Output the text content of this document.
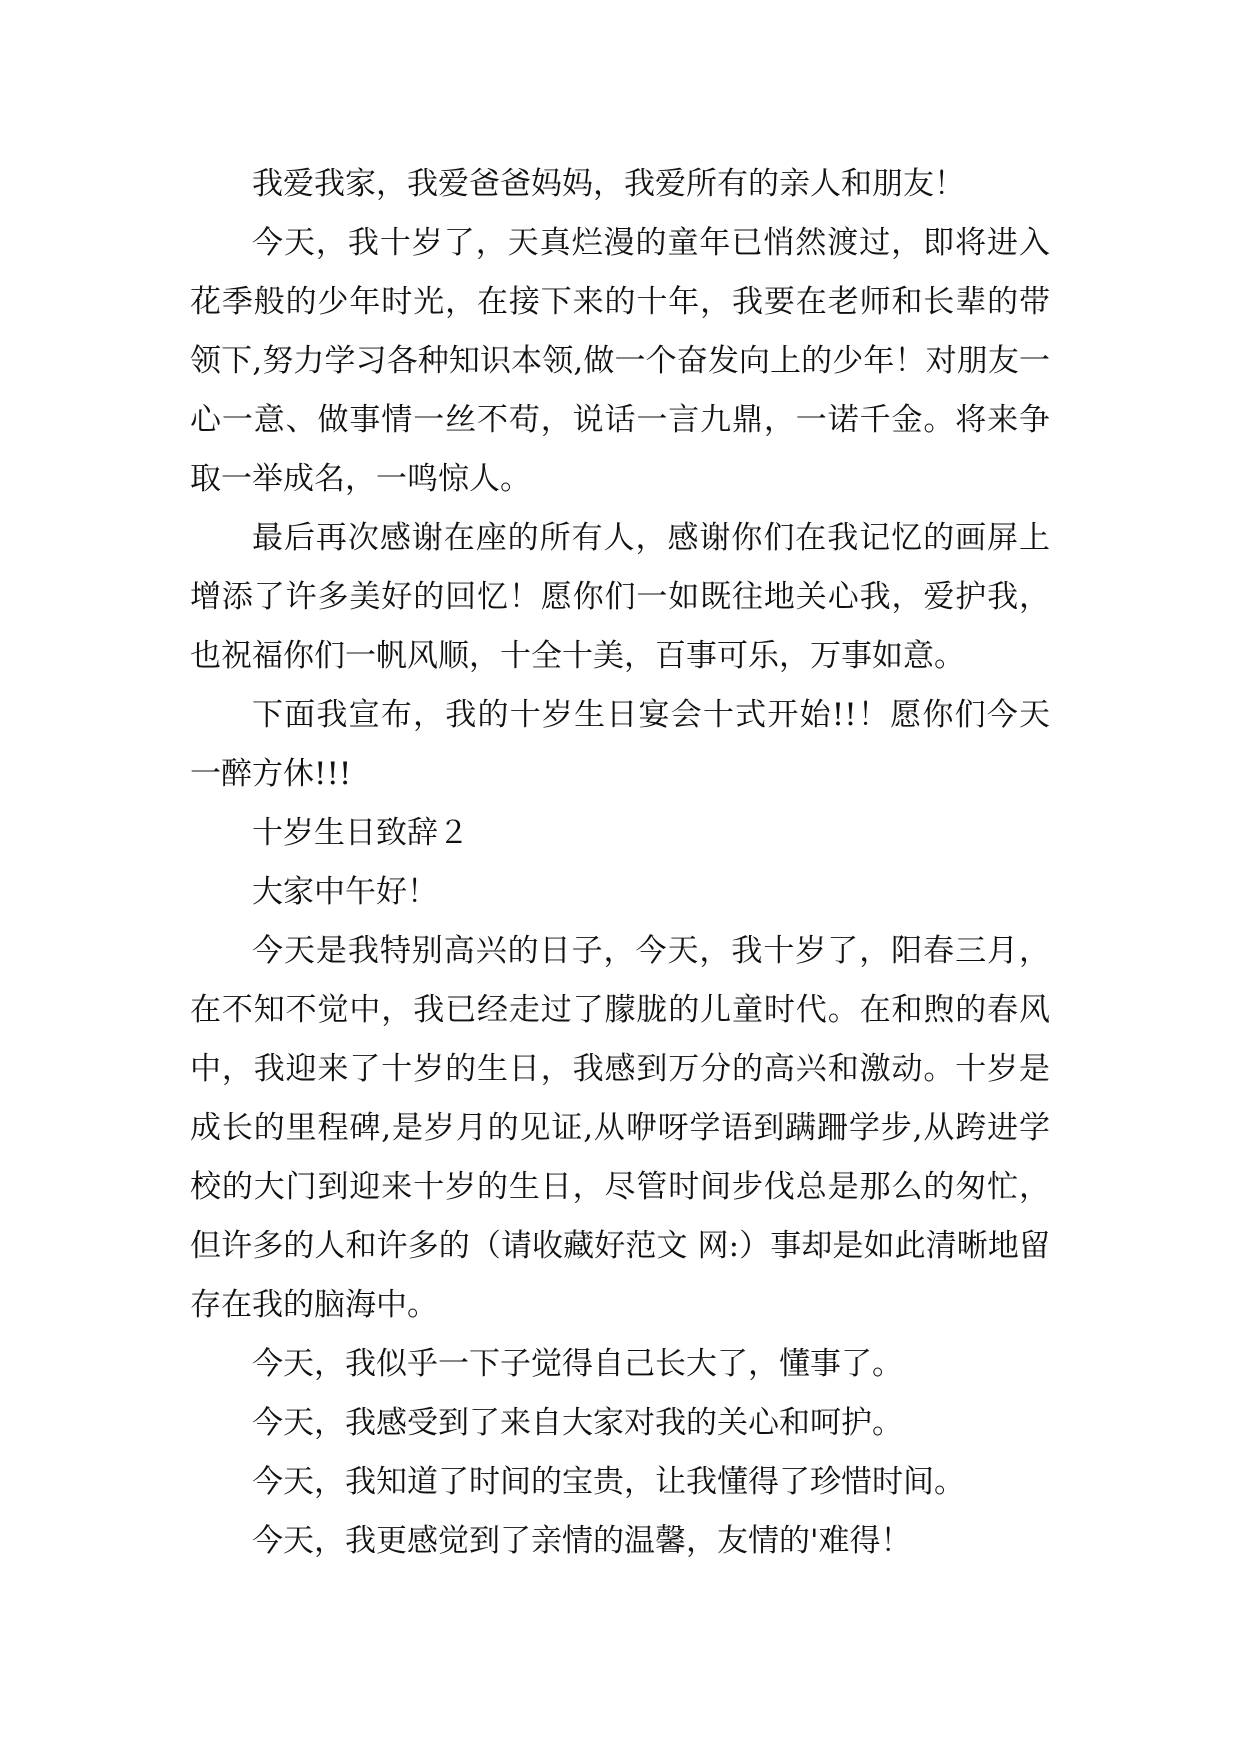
我爱我家，我爱爸爸妈妈，我爱所有的亲人和朋友！

今天，我十岁了，天真烂漫的童年已悄然渡过，即将进入花季般的少年时光，在接下来的十年，我要在老师和长辈的带领下,努力学习各种知识本领,做一个奋发向上的少年！对朋友一心一意、做事情一丝不苟，说话一言九鼎，一诺千金。将来争取一举成名，一鸣惊人。

最后再次感谢在座的所有人，感谢你们在我记忆的画屏上增添了许多美好的回忆！愿你们一如既往地关心我，爱护我，也祝福你们一帆风顺，十全十美，百事可乐，万事如意。

下面我宣布，我的十岁生日宴会十式开始!!！愿你们今天一醉方休!!!

十岁生日致辞２

大家中午好！

今天是我特别高兴的日子，今天，我十岁了，阳春三月，在不知不觉中，我已经走过了朦胧的儿童时代。在和煦的春风中，我迎来了十岁的生日，我感到万分的高兴和激动。十岁是成长的里程碑,是岁月的见证,从咿呀学语到蹒跚学步,从跨进学校的大门到迎来十岁的生日，尽管时间步伐总是那么的匆忙，但许多的人和许多的（请收藏好范文 网:）事却是如此清晰地留存在我的脑海中。

今天，我似乎一下子觉得自己长大了，懂事了。

今天，我感受到了来自大家对我的关心和呵护。

今天，我知道了时间的宝贵，让我懂得了珍惜时间。

今天，我更感觉到了亲情的温馨，友情的'难得！
